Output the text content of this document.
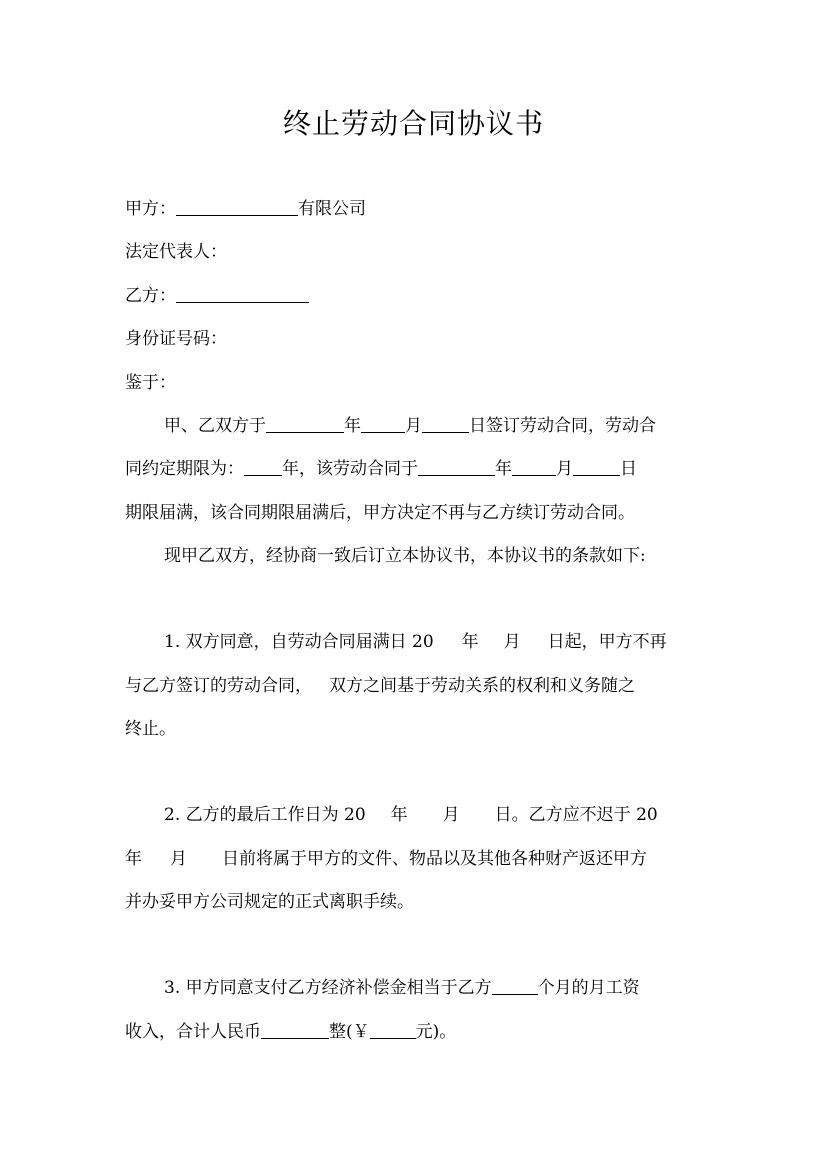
终止劳动合同协议书
甲方：	有限公司
法定代表人：
乙方：
身份证号码：
鉴于：
甲、乙双方于	年	月	日签订劳动合同，劳动合
同约定期限为： 年，该劳动合同于	年	月	日
期限届满，该合同期限届满后，甲方决定不再与乙方续订劳动合同。
现甲乙双方，经协商一致后订立本协议书，本协议书的条款如下:
1. 双方同意，自劳动合同届满日 20 年 月 日起，甲方不再
与乙方签订的劳动合同， 双方之间基于劳动关系的权利和义务随之
终止。
2. 乙方的最后工作日为 20 年 月 日。乙方应不迟于 20
年 月 日前将属于甲方的文件、物品以及其他各种财产返还甲方
并办妥甲方公司规定的正式离职手续。
3. 甲方同意支付乙方经济补偿金相当于乙方	个月的月工资
收入，合计人民币	整(￥	元)。
